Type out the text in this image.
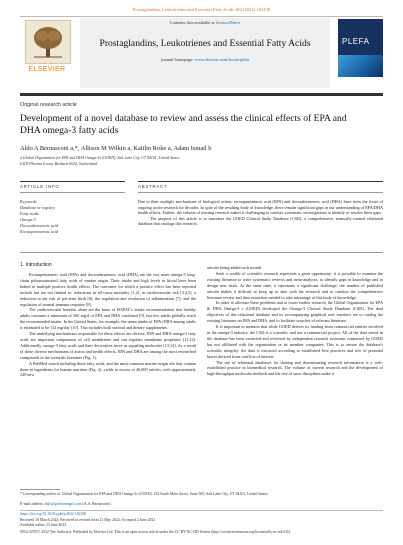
Prostaglandins, Leukotrienes and Essential Fatty Acids 182 (2022) 102438
ELSEVIER
Contents lists available at ScienceDirect
Prostaglandins, Leukotrienes and Essential Fatty Acids
journal homepage: www.elsevier.com/locate/plefa
PLEFA
Original research article
Development of a novel database to review and assess the clinical effects of EPA and DHA omega-3 fatty acids
Aldo A Bernasconi a,*, Allison M Wilkin a, Kaitlin Roke a, Adam Ismail b
a Global Organization for EPA and DHA Omega-3s (GOED), Salt Lake City, UT 84101, United States
b KD Pharma Group, Bexbach 6634, Switzerland
ARTICLE INFO	ABSTRACT
Keywords
Database or registry
Fatty acids
Omega-3
Docosahexaenoic acid
Eicosapentaenoic acid
Due to their multiple mechanisms of biological action, eicosapentaenoic acid (EPA) and docosahexaenoic acid (DHA) have been the focus of ongoing active research for decades. In spite of the resulting body of knowledge, there remain significant gaps in our understanding of EPA/DHA health effects. Further, the volume of existing research makes it challenging to conduct systematic investigations to identify or resolve these gaps.
The purpose of this article is to introduce the GOED Clinical Study Database (CSD), a comprehensive, manually-curated relational database that catalogs this research.
1. Introduction
Eicosapentaenoic acid (EPA) and docosahexaenoic acid (DHA) are the two main omega-3 long-chain polyunsaturated fatty acids of marine origin. Their intake and high levels in blood have been linked to multiple positive health effects. The outcomes for which a positive effect has been reported include but are not limited to: reductions in all-cause mortality [1,2], in cardiovascular risk [3,4,5], a reduction in the risk of pre-term birth [6], the regulation and resolution of inflammation [7], and the regulation of normal immune response [8].
The cardiovascular benefits alone are the basis of ISSFAL's intake recommendation that healthy adults consume a minimum of 500 mg/d of EPA and DHA combined [9], but few adults globally reach the recommended intake. In the United States, for example, the mean intake of EPA+DHA among adults is estimated to be 112 mg/day [10]. This includes both seafood and dietary supplements.
The underlying mechanisms responsible for these effects are diverse. EPA and DHA omega-3 fatty acids are important components of cell membranes and can regulate membrane properties [11,12]. Additionally, omega-3 fatty acids and their derivatives serve as signaling molecules [13,14]. As a result of these diverse mechanisms of action and health effects, EPA and DHA are among the most researched compounds in the scientific literature (Fig. 1).
A PubMed search including those fatty acids, and the most common marine-origin oils that contain them as ingredients for human nutrition (Fig. 2), yields in excess of 46,000 articles, with approximately 240 new
articles being added each month.
Such a wealth of scientific research represents a great opportunity: it is possible to examine the existing literature to write systematic reviews and meta-analyses, to identify gaps in knowledge and to design new trials. At the same time, it represents a significant challenge; the number of published articles makes it difficult to keep up to date with the research and to conduct the comprehensive literature review and data extraction needed to take advantage of this body of knowledge.
In order to alleviate these problems and to foster further research, the Global Organization for EPA & DHA Omega-3 s (GOED) developed the Omega-3 Clinical Study Database (CSD). The dual objectives of this relational database and its accompanying graphical user interface are to catalog the existing literature on EPA and DHA, and to facilitate searches of relevant literature.
It is important to mention that while GOED derives its funding from commercial entities involved in the omega-3 industry, the CSD is a scientific and not a commercial project. All of the data stored in the database has been extracted and reviewed by independent research assistants contracted by GOED but not affiliated with the organization or its member companies. This is to ensure the database's scientific integrity: the data is extracted according to established best practices and free of potential biases derived from conflicts of interest.
The use of relational databases for sharing and disseminating research information is a well-established practice in biomedical research. The volume of current research and the development of high-throughput molecular methods and the rise of omic disciplines make it
* Corresponding author at: Global Organization for EPA and DHA Omega-3s (GOED), 222 South Main Street, Suite 500, Salt Lake City, UT 84101, United States.
E-mail address: aldo@goedomega3.com (A.A. Bernasconi).
https://doi.org/10.1016/j.plefa.2022.102438
Received 18 March 2022; Received in revised form 21 May 2022; Accepted 2 June 2022
Available online 23 June 2022
0952-3278/© 2022 The Author(s). Published by Elsevier Ltd. This is an open access article under the CC BY-NC-ND license (http://creativecommons.org/licenses/by-nc-nd/4.0/).
